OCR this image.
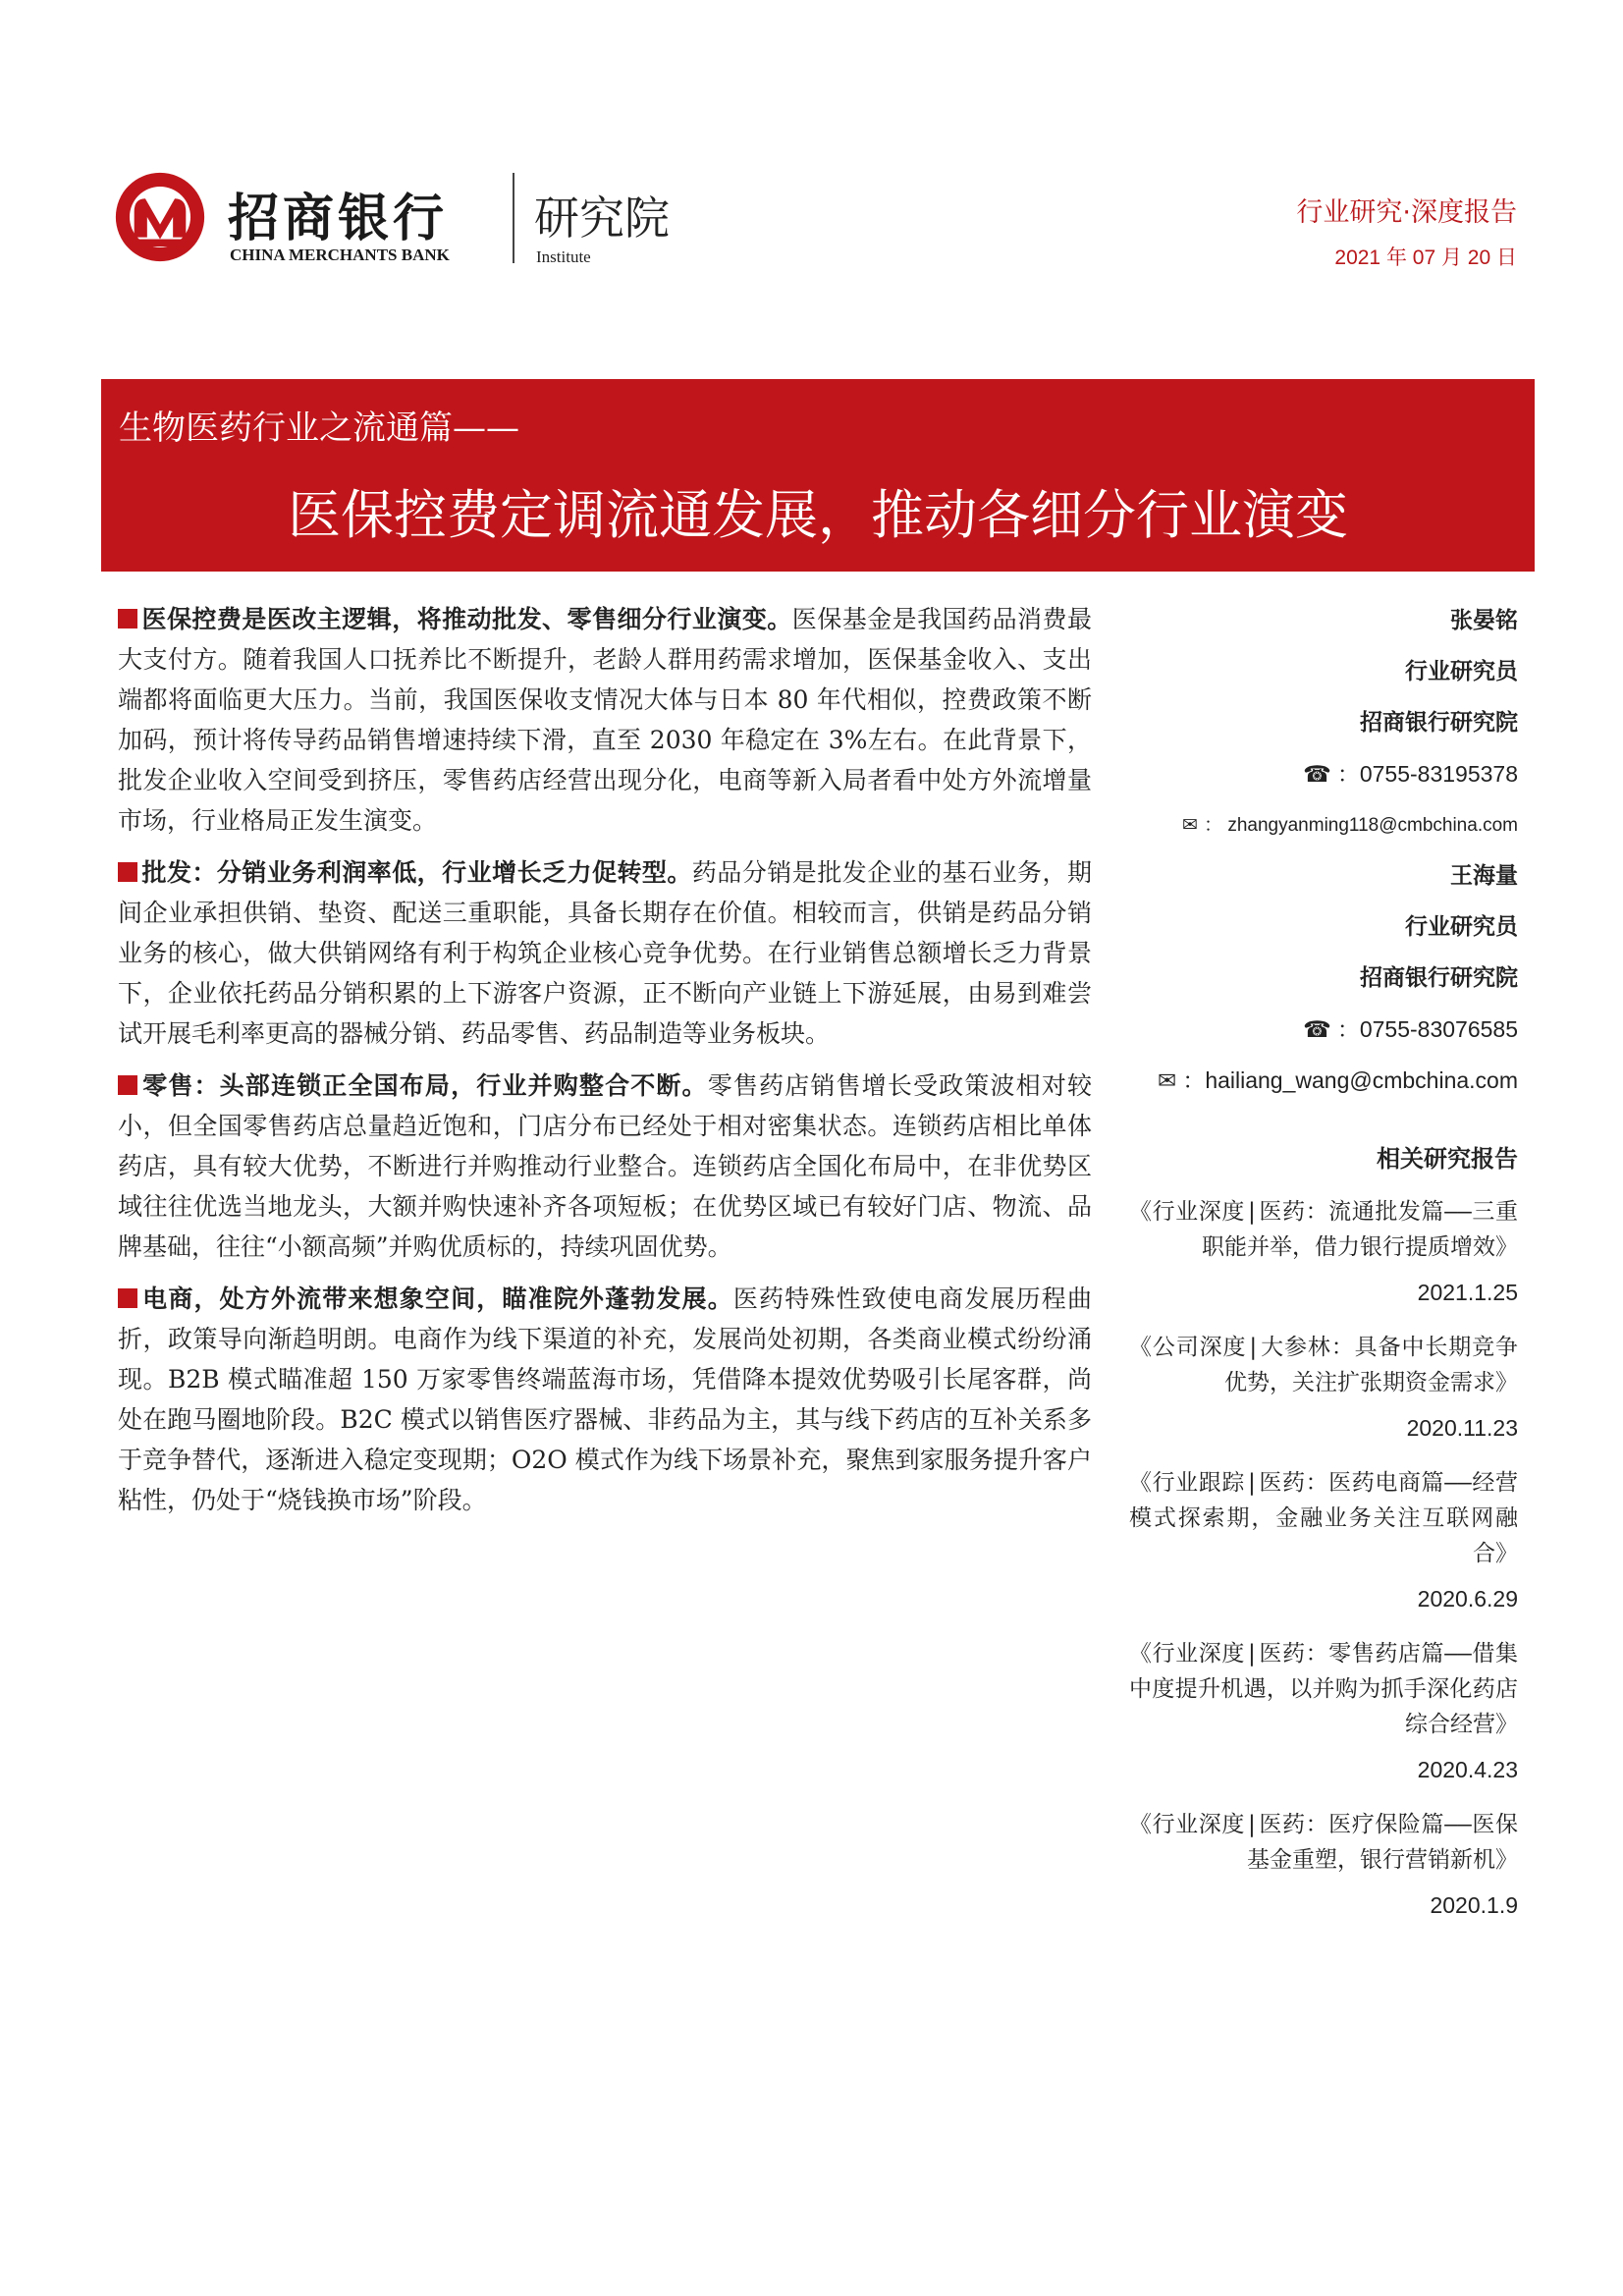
招商银行
CHINA MERCHANTS BANK
研究院
Institute
行业研究·深度报告
2021 年 07 月 20 日
生物医药行业之流通篇——
医保控费定调流通发展，推动各细分行业演变

医保控费是医改主逻辑，将推动批发、零售细分行业演变。医保基金是我国药品消费最大支付方。随着我国人口抚养比不断提升，老龄人群用药需求增加，医保基金收入、支出端都将面临更大压力。当前，我国医保收支情况大体与日本 80 年代相似，控费政策不断加码，预计将传导药品销售增速持续下滑，直至 2030 年稳定在 3%左右。在此背景下，批发企业收入空间受到挤压，零售药店经营出现分化，电商等新入局者看中处方外流增量市场，行业格局正发生演变。

批发：分销业务利润率低，行业增长乏力促转型。药品分销是批发企业的基石业务，期间企业承担供销、垫资、配送三重职能，具备长期存在价值。相较而言，供销是药品分销业务的核心，做大供销网络有利于构筑企业核心竞争优势。在行业销售总额增长乏力背景下，企业依托药品分销积累的上下游客户资源，正不断向产业链上下游延展，由易到难尝试开展毛利率更高的器械分销、药品零售、药品制造等业务板块。

零售：头部连锁正全国布局，行业并购整合不断。零售药店销售增长受政策波相对较小，但全国零售药店总量趋近饱和，门店分布已经处于相对密集状态。连锁药店相比单体药店，具有较大优势，不断进行并购推动行业整合。连锁药店全国化布局中，在非优势区域往往优选当地龙头，大额并购快速补齐各项短板；在优势区域已有较好门店、物流、品牌基础，往往“小额高频”并购优质标的，持续巩固优势。

电商，处方外流带来想象空间，瞄准院外蓬勃发展。医药特殊性致使电商发展历程曲折，政策导向渐趋明朗。电商作为线下渠道的补充，发展尚处初期，各类商业模式纷纷涌现。B2B 模式瞄准超 150 万家零售终端蓝海市场，凭借降本提效优势吸引长尾客群，尚处在跑马圈地阶段。B2C 模式以销售医疗器械、非药品为主，其与线下药店的互补关系多于竞争替代，逐渐进入稳定变现期；O2O 模式作为线下场景补充，聚焦到家服务提升客户粘性，仍处于“烧钱换市场”阶段。

张晏铭
行业研究员
招商银行研究院
☎ ：0755-83195378
✉ ： zhangyanming118@cmbchina.com
王海量
行业研究员
招商银行研究院
☎ ：0755-83076585
✉ ：hailiang_wang@cmbchina.com
相关研究报告
《行业深度|医药：流通批发篇——三重职能并举，借力银行提质增效》
2021.1.25
《公司深度|大参林：具备中长期竞争优势，关注扩张期资金需求》
2020.11.23
《行业跟踪|医药：医药电商篇——经营模式探索期，金融业务关注互联网融合》
2020.6.29
《行业深度|医药：零售药店篇——借集中度提升机遇，以并购为抓手深化药店综合经营》
2020.4.23
《行业深度|医药：医疗保险篇——医保基金重塑，银行营销新机》
2020.1.9
